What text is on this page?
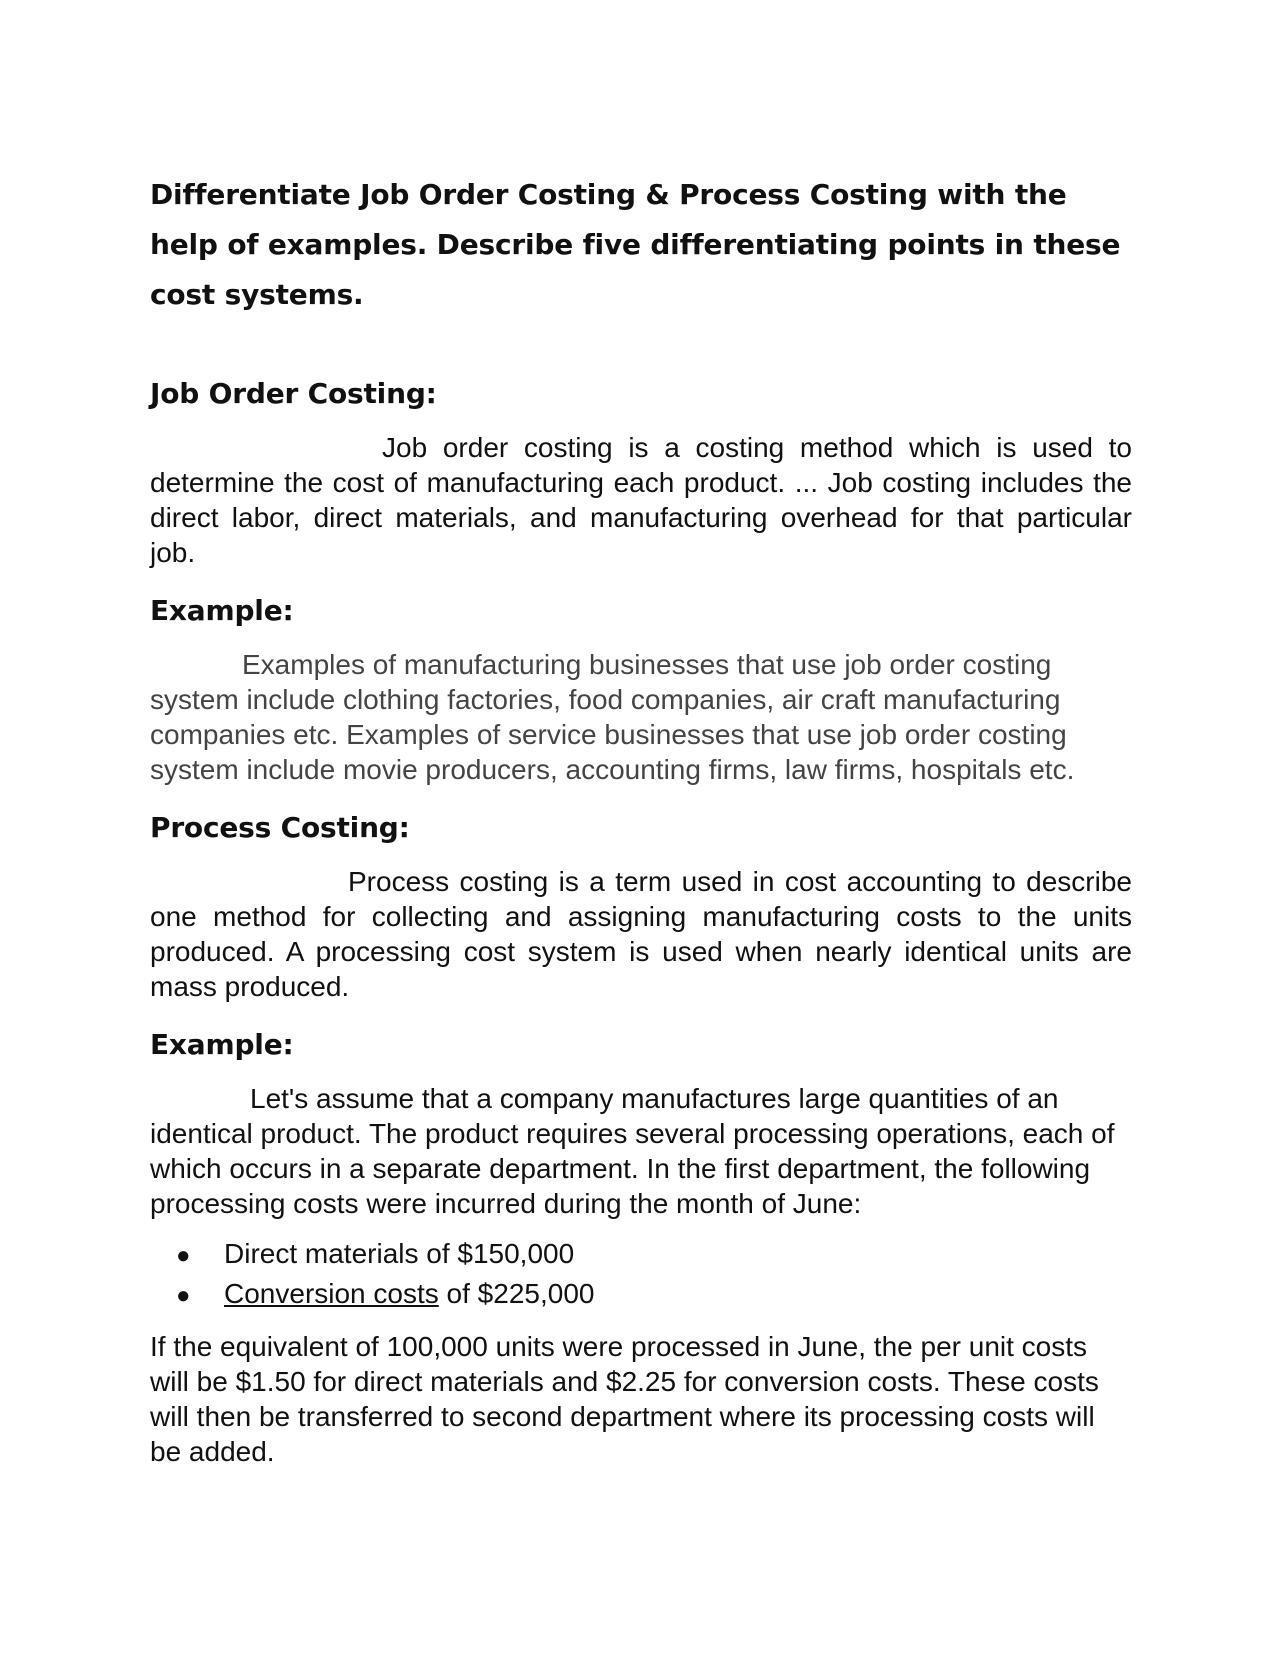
Differentiate Job Order Costing & Process Costing with the help of examples. Describe five differentiating points in these cost systems.
Job Order Costing:

Job order costing is a costing method which is used to determine the cost of manufacturing each product. ... Job costing includes the direct labor, direct materials, and manufacturing overhead for that particular job.

Example:

Examples of manufacturing businesses that use job order costing system include clothing factories, food companies, air craft manufacturing companies etc. Examples of service businesses that use job order costing system include movie producers, accounting firms, law firms, hospitals etc.

Process Costing:

Process costing is a term used in cost accounting to describe one method for collecting and assigning manufacturing costs to the units produced. A processing cost system is used when nearly identical units are mass produced.

Example:

Let's assume that a company manufactures large quantities of an identical product. The product requires several processing operations, each of which occurs in a separate department. In the first department, the following processing costs were incurred during the month of June:

●	Direct materials of $150,000
●	Conversion costs of $225,000

If the equivalent of 100,000 units were processed in June, the per unit costs will be $1.50 for direct materials and $2.25 for conversion costs. These costs will then be transferred to second department where its processing costs will be added.
